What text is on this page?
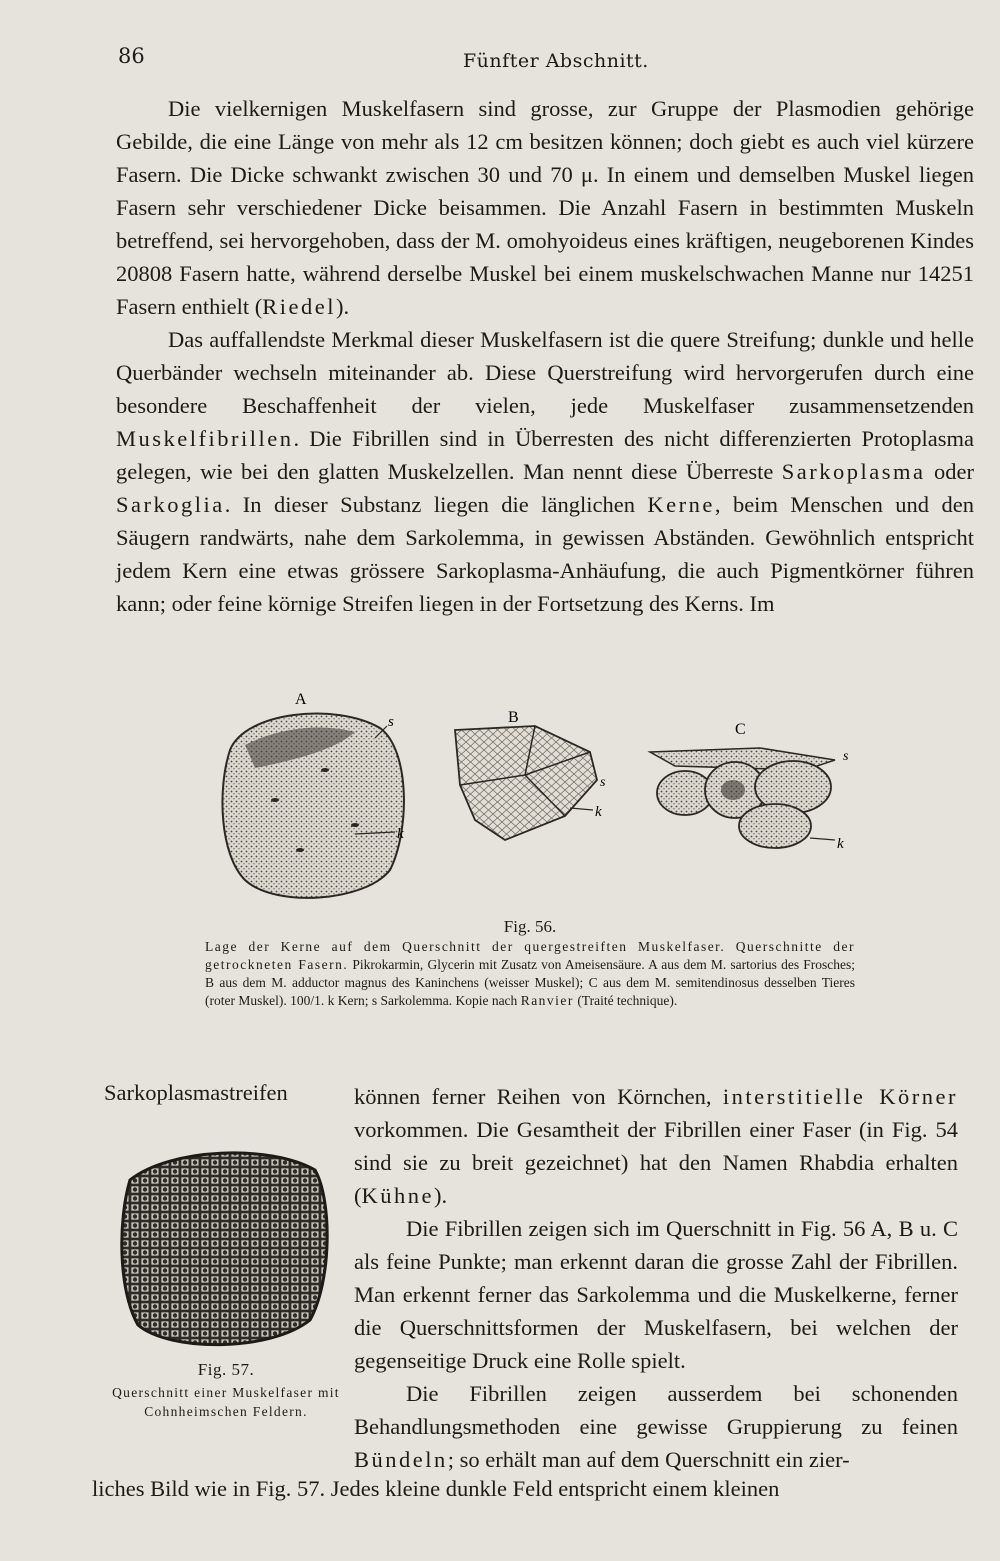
86	Fünfter Abschnitt.

Die vielkernigen Muskelfasern sind grosse, zur Gruppe der Plasmodien gehörige Gebilde, die eine Länge von mehr als 12 cm besitzen können; doch giebt es auch viel kürzere Fasern. Die Dicke schwankt zwischen 30 und 70 μ. In einem und demselben Muskel liegen Fasern sehr verschiedener Dicke beisammen. Die Anzahl Fasern in bestimmten Muskeln betreffend, sei hervorgehoben, dass der M. omohyoideus eines kräftigen, neugeborenen Kindes 20808 Fasern hatte, während derselbe Muskel bei einem muskelschwachen Manne nur 14251 Fasern enthielt (Riedel).

Das auffallendste Merkmal dieser Muskelfasern ist die quere Streifung; dunkle und helle Querbänder wechseln miteinander ab. Diese Querstreifung wird hervorgerufen durch eine besondere Beschaffenheit der vielen, jede Muskelfaser zusammensetzenden Muskelfibrillen. Die Fibrillen sind in Überresten des nicht differenzierten Protoplasma gelegen, wie bei den glatten Muskelzellen. Man nennt diese Überreste Sarkoplasma oder Sarkoglia. In dieser Substanz liegen die länglichen Kerne, beim Menschen und den Säugern randwärts, nahe dem Sarkolemma, in gewissen Abständen. Gewöhnlich entspricht jedem Kern eine etwas grössere Sarkoplasma-Anhäufung, die auch Pigmentkörner führen kann; oder feine körnige Streifen liegen in der Fortsetzung des Kerns. Im

A
s
k
B
s
k
C
s
k
Fig. 56.
Lage der Kerne auf dem Querschnitt der quergestreiften Muskelfaser. Querschnitte der getrockneten Fasern. Pikrokarmin, Glycerin mit Zusatz von Ameisensäure. A aus dem M. sartorius des Frosches; B aus dem M. adductor magnus des Kaninchens (weisser Muskel); C aus dem M. semitendinosus desselben Tieres (roter Muskel). 100/1. k Kern; s Sarkolemma. Kopie nach Ranvier (Traité technique).
Sarkoplasmastreifen	können ferner Reihen von Körnchen, interstitielle Körner vorkommen. Die Gesamtheit der Fibrillen einer Faser (in Fig. 54 sind sie zu breit gezeichnet) hat den Namen Rhabdia erhalten (Kühne).

Die Fibrillen zeigen sich im Querschnitt in Fig. 56 A, B u. C als feine Punkte; man erkennt daran die grosse Zahl der Fibrillen. Man erkennt ferner das Sarkolemma und die Muskelkerne, ferner die Querschnittsformen der Muskelfasern, bei welchen der gegenseitige Druck eine Rolle spielt.

Die Fibrillen zeigen ausserdem bei schonenden Behandlungsmethoden eine gewisse Gruppierung zu feinen Bündeln; so erhält man auf dem Querschnitt ein zier-

liches Bild wie in Fig. 57. Jedes kleine dunkle Feld entspricht einem kleinen
Fig. 57.
Querschnitt einer Muskelfaser mit Cohnheimschen Feldern.
